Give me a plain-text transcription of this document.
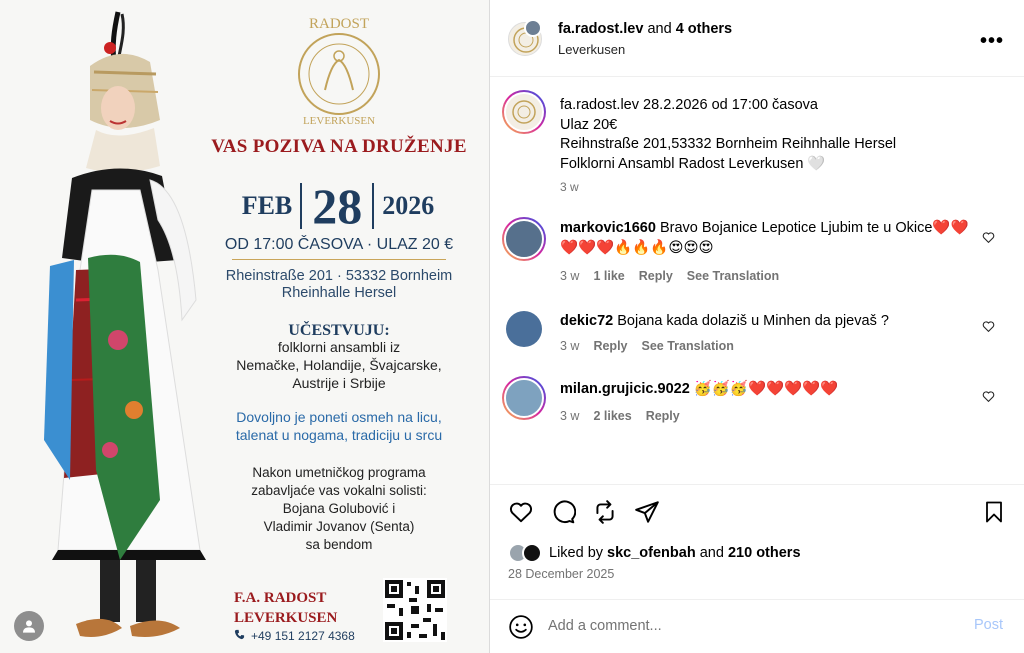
RADOST
LEVERKUSEN
VAS POZIVA NA DRUŽENJE
FEB 28 2026
OD 17:00 ČASOVA · ULAZ 20 €
Rheinstraße 201 · 53332 Bornheim
Rheinhalle Hersel
UČESTVUJU:
folklorni ansambli iz
Nemačke, Holandije, Švajcarske,
Austrije i Srbije
Dovoljno je poneti osmeh na licu,
talenat u nogama, tradiciju u srcu
Nakon umetničkog programa
zabavljaće vas vokalni solisti:
Bojana Golubović i
Vladimir Jovanov (Senta)
sa bendom
F.A. RADOST
LEVERKUSEN
+49 151 2127 4368
fa.radost.lev and 4 others
Leverkusen	•••
fa.radost.lev 28.2.2026 od 17:00 časova
Ulaz 20€
Reihnstraße 201,53332 Bornheim Reihnhalle Hersel
Folklorni Ansambl Radost Leverkusen 🤍
3 w
markovic1660 Bravo Bojanice Lepotice Ljubim te u Okice❤️❤️❤️❤️❤️🔥🔥🔥😍😍😍
3 w 1 like Reply See Translation
dekic72 Bojana kada dolaziš u Minhen da pjevaš ?
3 w Reply See Translation
milan.grujicic.9022 🥳🥳🥳❤️❤️❤️❤️❤️
3 w 2 likes Reply
Liked by skc_ofenbah and 210 others
28 December 2025
Add a comment...
Post
